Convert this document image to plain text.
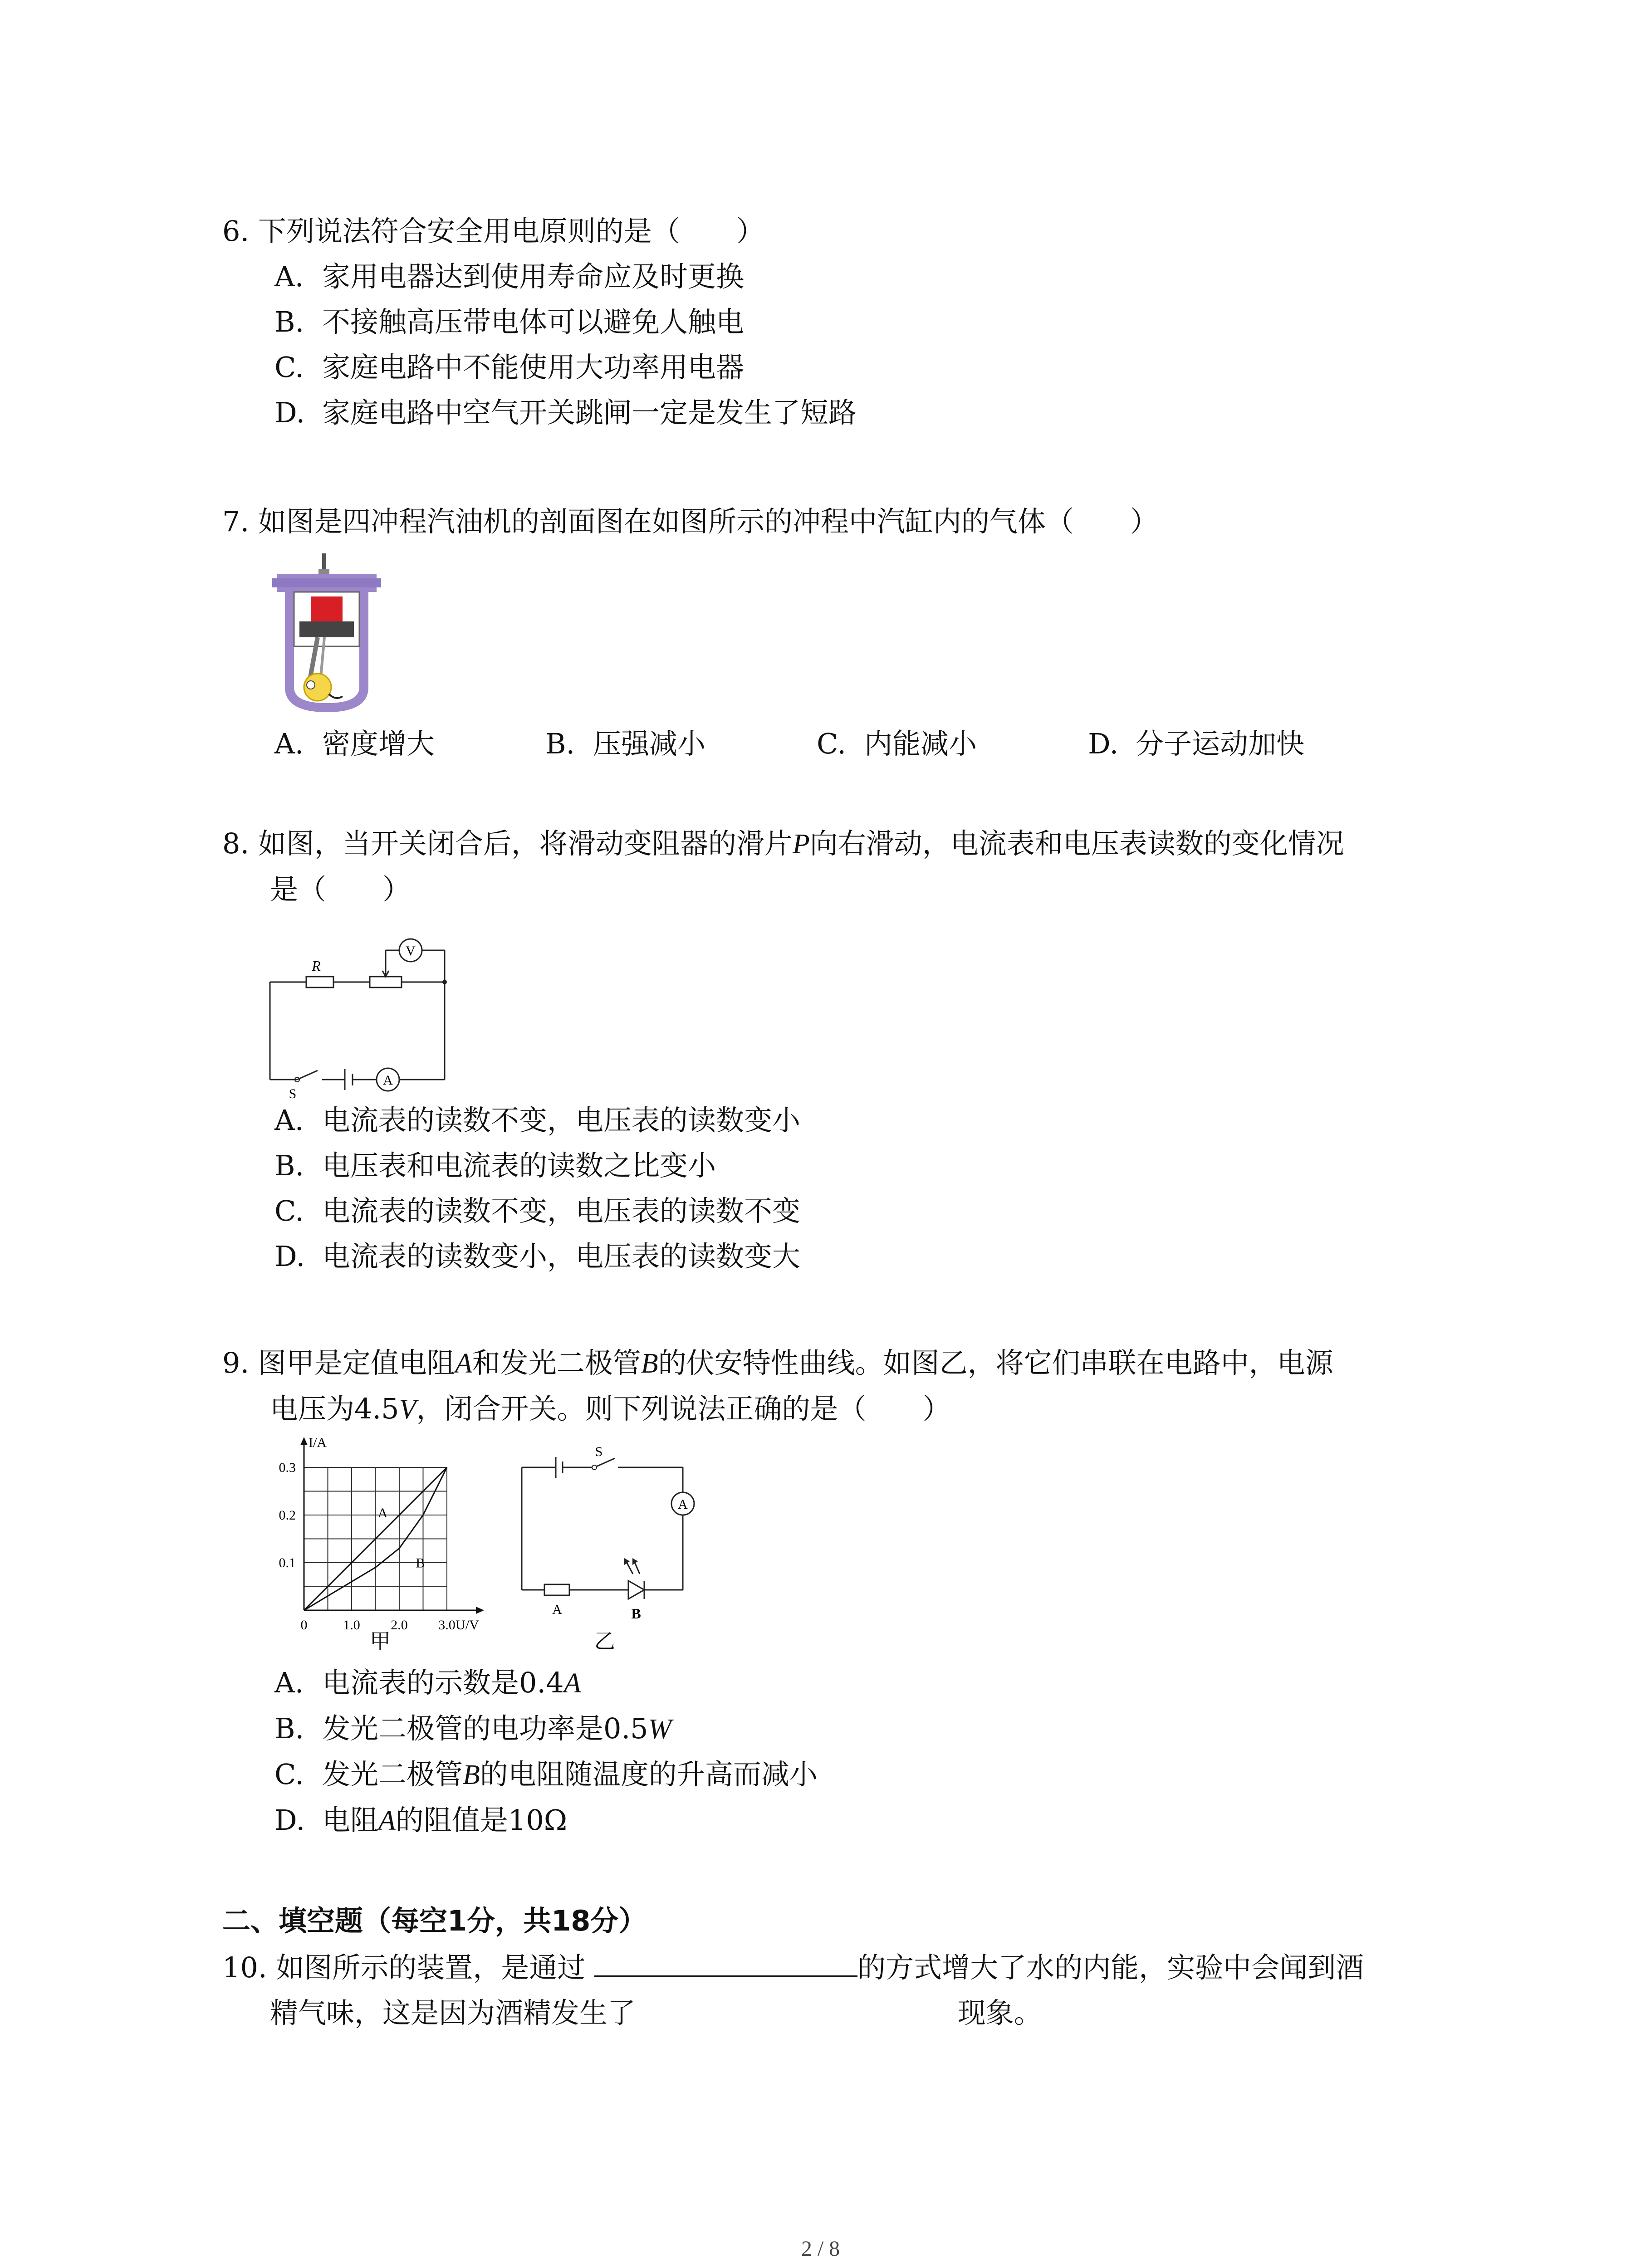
6. 下列说法符合安全用电原则的是（　　）
A. 家用电器达到使用寿命应及时更换
B. 不接触高压带电体可以避免人触电
C. 家庭电路中不能使用大功率用电器
D. 家庭电路中空气开关跳闸一定是发生了短路
7. 如图是四冲程汽油机的剖面图在如图所示的冲程中汽缸内的气体（　　）
A. 密度增大	B. 压强减小	C. 内能减小	D. 分子运动加快
8. 如图，当开关闭合后，将滑动变阻器的滑片P向右滑动，电流表和电压表读数的变化情况
是（　　）
R
V
A
S
A. 电流表的读数不变，电压表的读数变小
B. 电压表和电流表的读数之比变小
C. 电流表的读数不变，电压表的读数不变
D. 电流表的读数变小，电压表的读数变大
9. 图甲是定值电阻A和发光二极管B的伏安特性曲线。如图乙，将它们串联在电路中，电源
电压为4.5V，闭合开关。则下列说法正确的是（　　）
A
B
0	1.0 2.0 3.0
0.1
0.2
0.3
U/V
I/A
S
A
A	B
甲	乙
A. 电流表的示数是0.4A
B. 发光二极管的电功率是0.5W
C. 发光二极管B的电阻随温度的升高而减小
D. 电阻A的阻值是10Ω
二、填空题（每空1分，共18分）
10. 如图所示的装置，是通过	的方式增大了水的内能，实验中会闻到酒
精气味，这是因为酒精发生了	现象。
2 / 8
